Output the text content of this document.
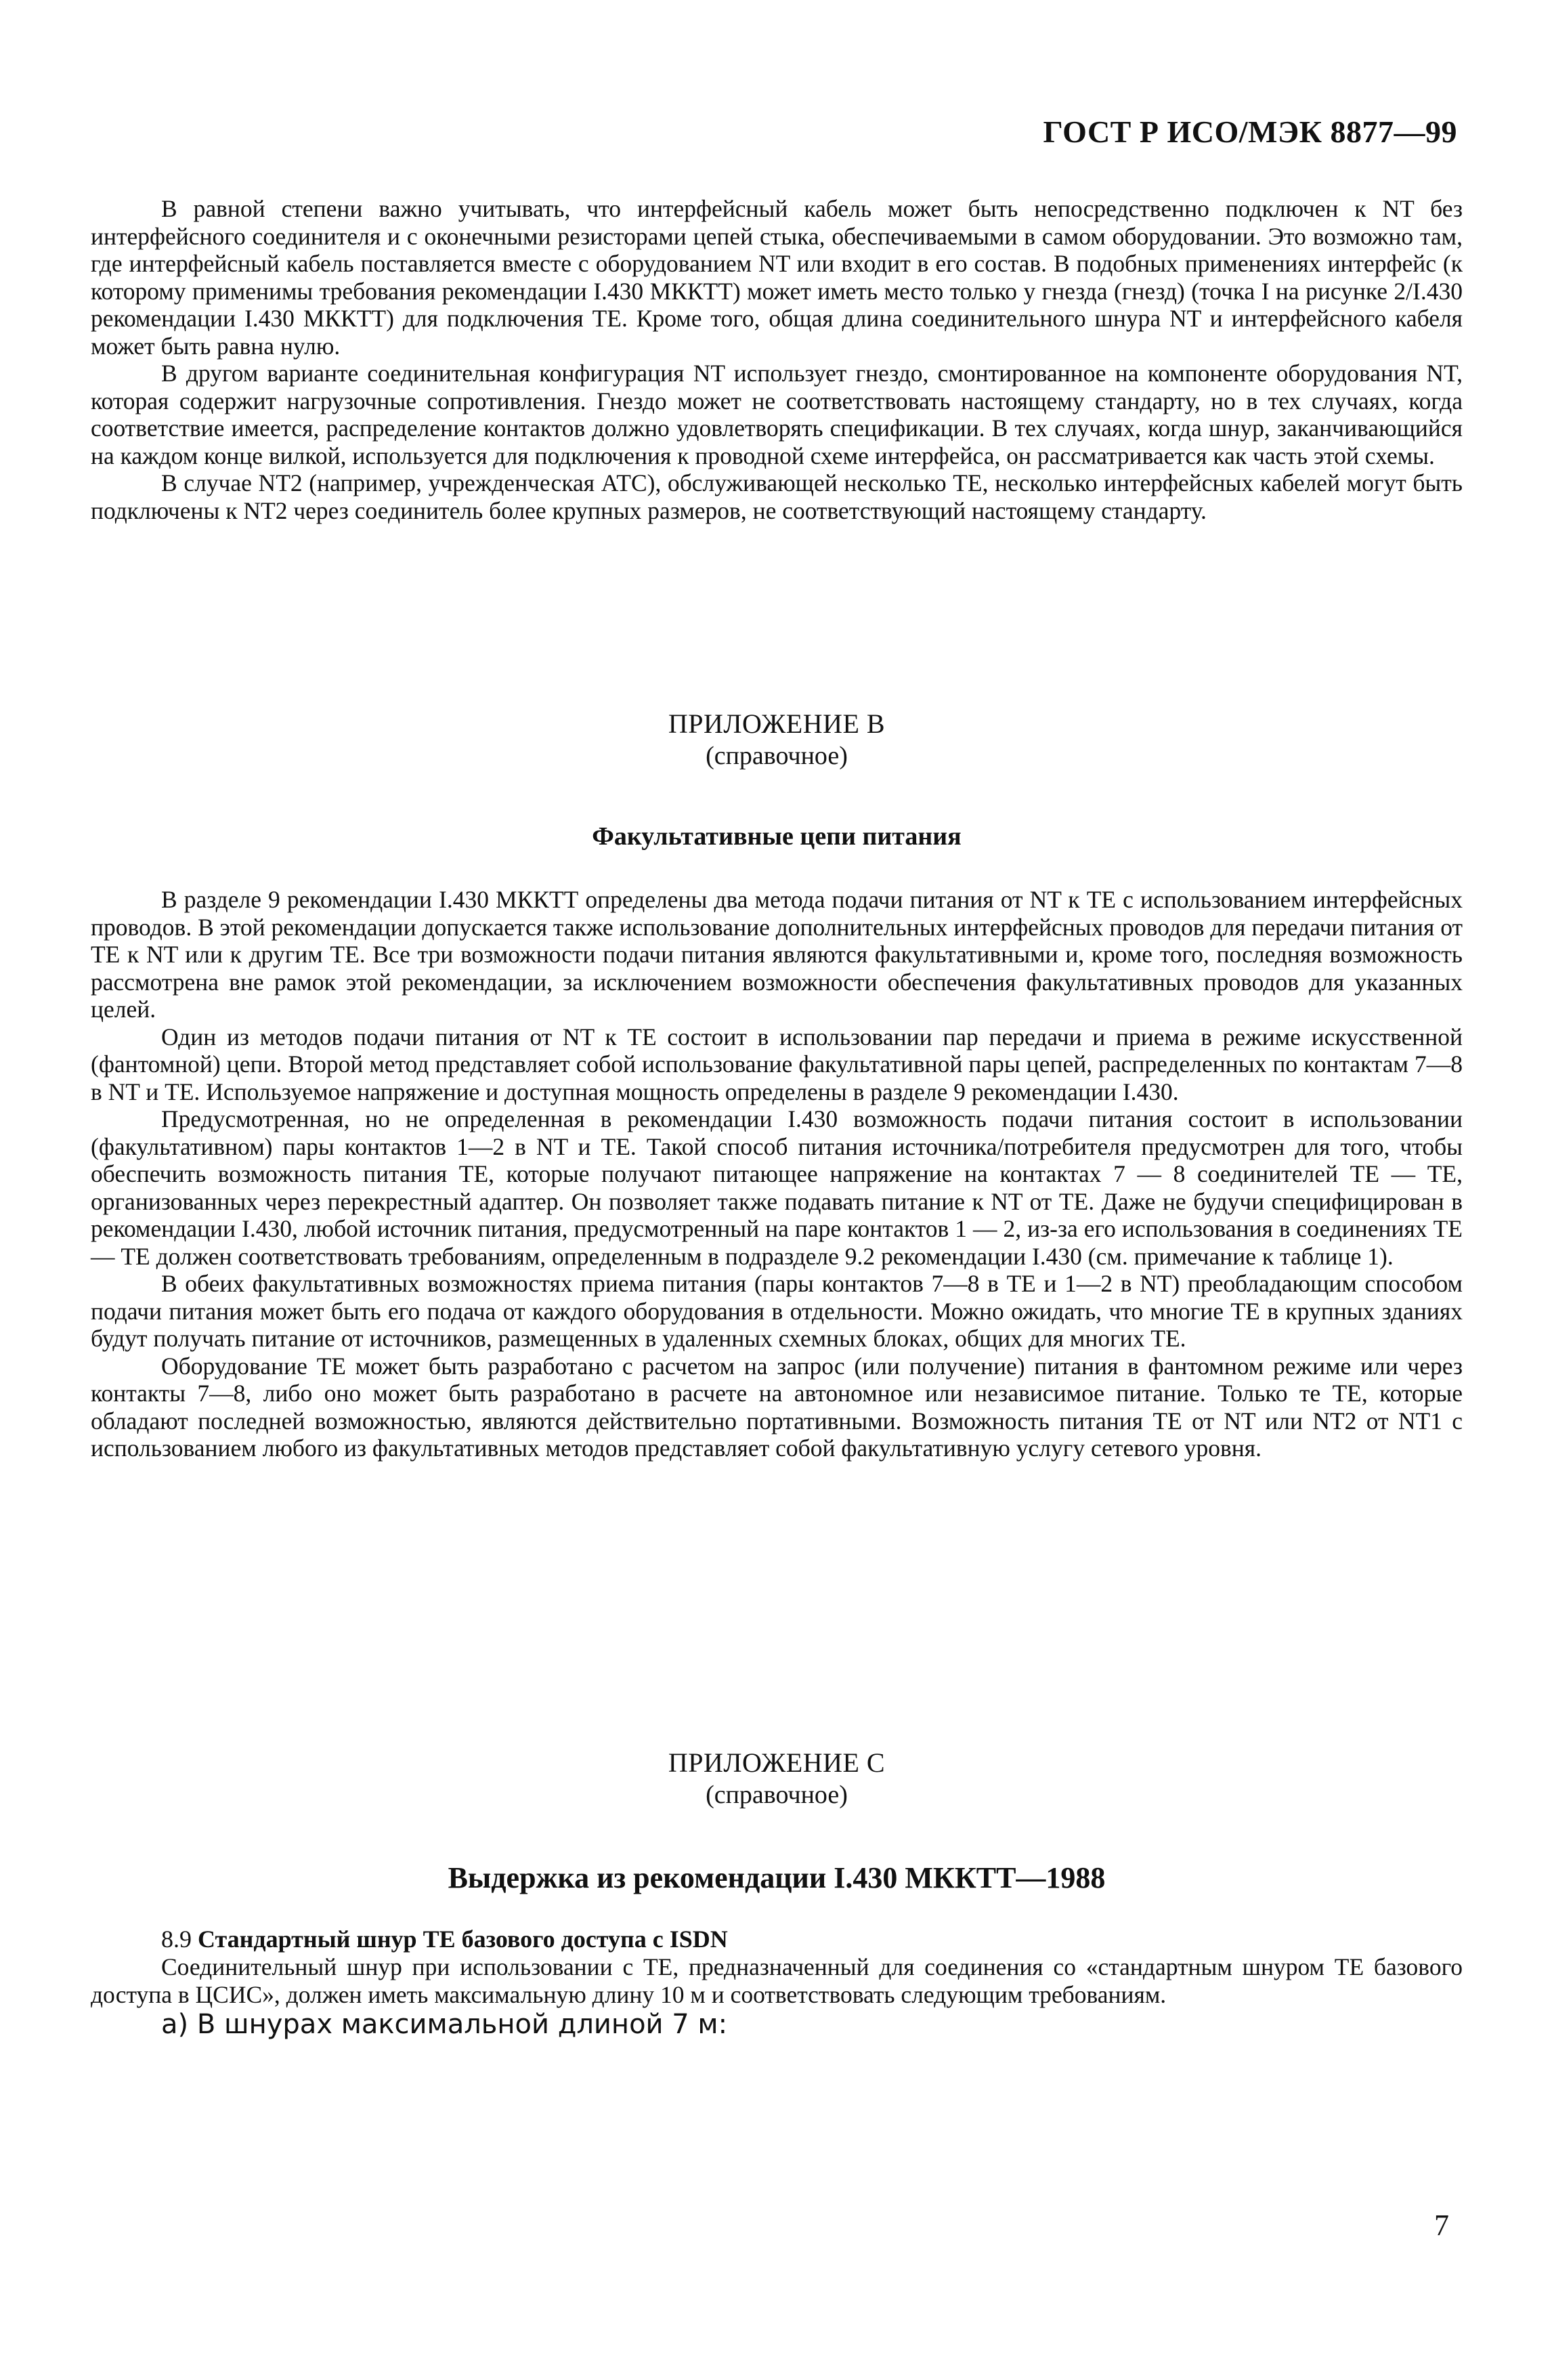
ГОСТ Р ИСО/МЭК 8877—99

В равной степени важно учитывать, что интерфейсный кабель может быть непосредственно подключен к NT без интерфейсного соединителя и с оконечными резисторами цепей стыка, обеспечиваемыми в самом оборудовании. Это возможно там, где интерфейсный кабель поставляется вместе с оборудованием NT или входит в его состав. В подобных применениях интерфейс (к которому применимы требования рекомендации I.430 МККТТ) может иметь место только у гнезда (гнезд) (точка I на рисунке 2/I.430 рекомендации I.430 МККТТ) для подключения ТЕ. Кроме того, общая длина соединительного шнура NT и интерфейсного кабеля может быть равна нулю.

В другом варианте соединительная конфигурация NT использует гнездо, смонтированное на компоненте оборудования NT, которая содержит нагрузочные сопротивления. Гнездо может не соответствовать настоящему стандарту, но в тех случаях, когда соответствие имеется, распределение контактов должно удовлетворять спецификации. В тех случаях, когда шнур, заканчивающийся на каждом конце вилкой, используется для подключения к проводной схеме интерфейса, он рассматривается как часть этой схемы.

В случае NT2 (например, учрежденческая АТС), обслуживающей несколько ТЕ, несколько интерфейсных кабелей могут быть подключены к NT2 через соединитель более крупных размеров, не соответствующий настоящему стандарту.

ПРИЛОЖЕНИЕ В
(справочное)
Факультативные цепи питания

В разделе 9 рекомендации I.430 МККТТ определены два метода подачи питания от NT к ТЕ с использованием интерфейсных проводов. В этой рекомендации допускается также использование дополнительных интерфейсных проводов для передачи питания от ТЕ к NT или к другим ТЕ. Все три возможности подачи питания являются факультативными и, кроме того, последняя возможность рассмотрена вне рамок этой рекомендации, за исключением возможности обеспечения факультативных проводов для указанных целей.

Один из методов подачи питания от NT к ТЕ состоит в использовании пар передачи и приема в режиме искусственной (фантомной) цепи. Второй метод представляет собой использование факультативной пары цепей, распределенных по контактам 7—8 в NT и ТЕ. Используемое напряжение и доступная мощность определены в разделе 9 рекомендации I.430.

Предусмотренная, но не определенная в рекомендации I.430 возможность подачи питания состоит в использовании (факультативном) пары контактов 1—2 в NT и ТЕ. Такой способ питания источника/потребителя предусмотрен для того, чтобы обеспечить возможность питания ТЕ, которые получают питающее напряжение на контактах 7 — 8 соединителей ТЕ — ТЕ, организованных через перекрестный адаптер. Он позволяет также подавать питание к NT от ТЕ. Даже не будучи специфицирован в рекомендации I.430, любой источник питания, предусмотренный на паре контактов 1 — 2, из-за его использования в соединениях ТЕ — ТЕ должен соответствовать требованиям, определенным в подразделе 9.2 рекомендации I.430 (см. примечание к таблице 1).

В обеих факультативных возможностях приема питания (пары контактов 7—8 в ТЕ и 1—2 в NT) преобладающим способом подачи питания может быть его подача от каждого оборудования в отдельности. Можно ожидать, что многие ТЕ в крупных зданиях будут получать питание от источников, размещенных в удаленных схемных блоках, общих для многих ТЕ.

Оборудование ТЕ может быть разработано с расчетом на запрос (или получение) питания в фантомном режиме или через контакты 7—8, либо оно может быть разработано в расчете на автономное или независимое питание. Только те ТЕ, которые обладают последней возможностью, являются действительно портативными. Возможность питания ТЕ от NT или NT2 от NT1 с использованием любого из факультативных методов представляет собой факультативную услугу сетевого уровня.

ПРИЛОЖЕНИЕ С
(справочное)
Выдержка из рекомендации I.430 МККТТ—1988

8.9 Стандартный шнур ТЕ базового доступа с ISDN

Соединительный шнур при использовании с ТЕ, предназначенный для соединения со «стандартным шнуром ТЕ базового доступа в ЦСИС», должен иметь максимальную длину 10 м и соответствовать следующим требованиям.

а) В шнурах максимальной длиной 7 м:

7
